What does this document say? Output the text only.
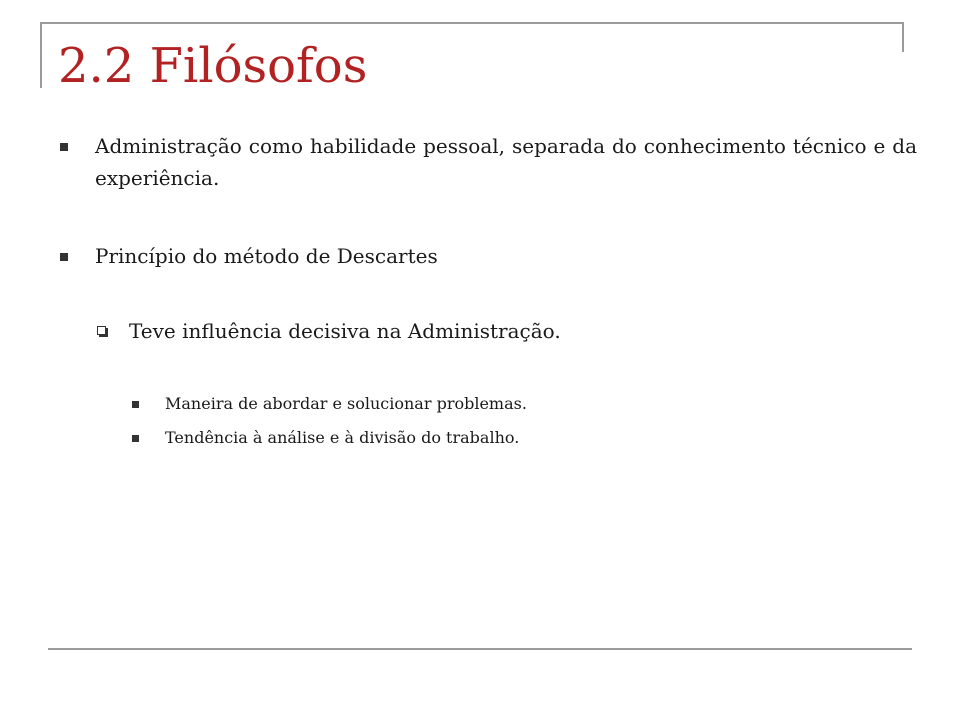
2.2 Filósofos
Administração como habilidade pessoal, separada do conhecimento técnico e da experiência.
Princípio do método de Descartes
Teve influência decisiva na Administração.
Maneira de abordar e solucionar problemas.
Tendência à análise e à divisão do trabalho.
